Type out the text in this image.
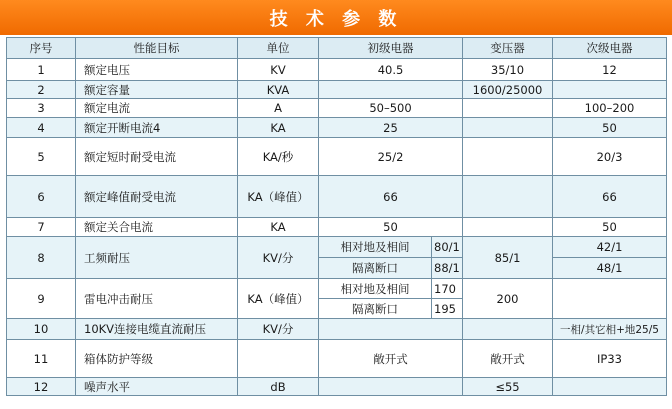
技 术 参 数
序号	性能目标	单位	初级电器		变压器	次级电器
1	额定电压	KV	40.5		35/10	12
2	额定容量	KVA			1600/25000	
3	额定电流	A	50–500			100–200
4	额定开断电流4	KA	25			50
5	额定短时耐受电流	KA/秒	25/2			20/3
6	额定峰值耐受电流	KA（峰值）	66			66
7	额定关合电流	KA	50			50
8	工频耐压	KV/分	相对地及相间	80/1	85/1	42/1
			隔离断口	88/1		48/1
9	雷电冲击耐压	KA（峰值）	相对地及相间	170	200	
			隔离断口	195		
10	10KV连接电缆直流耐压	KV/分				一相/其它相+地25/5
11	箱体防护等级		敞开式		敞开式	IP33
12	噪声水平	dB			≤55	
